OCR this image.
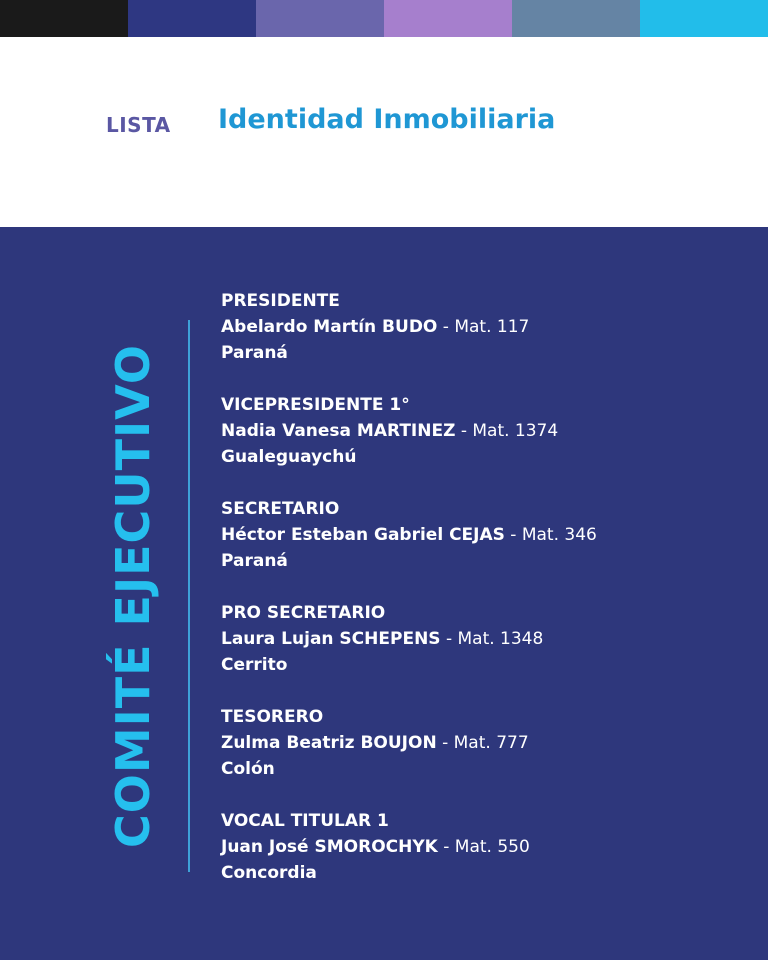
LISTA Identidad Inmobiliaria
COMITÉ EJECUTIVO
PRESIDENTE
Abelardo Martín BUDO - Mat. 117
Paraná
VICEPRESIDENTE 1°
Nadia Vanesa MARTINEZ - Mat. 1374
Gualeguaychú
SECRETARIO
Héctor Esteban Gabriel CEJAS - Mat. 346
Paraná
PRO SECRETARIO
Laura Lujan SCHEPENS - Mat. 1348
Cerrito
TESORERO
Zulma Beatriz BOUJON - Mat. 777
Colón
VOCAL TITULAR 1
Juan José SMOROCHYK - Mat. 550
Concordia
